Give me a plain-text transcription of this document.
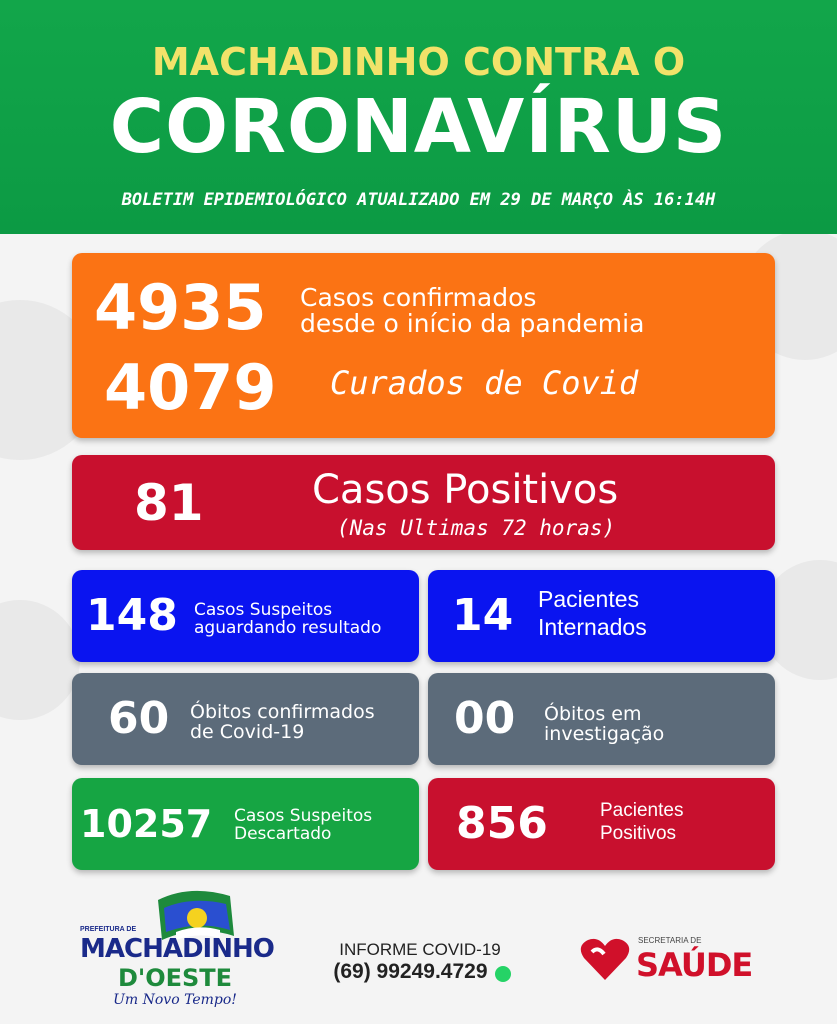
MACHADINHO CONTRA O
CORONAVÍRUS
BOLETIM EPIDEMIOLÓGICO ATUALIZADO EM 29 DE MARÇO ÀS 16:14H
4935 Casos confirmados
desde o início da pandemia
4079 Curados de Covid
81	Casos Positivos
(Nas Ultimas 72 horas)
148 Casos Suspeitos
aguardando resultado 14 Pacientes
Internados
60 Óbitos confirmados
de Covid-19	00 Óbitos em
investigação
10257 Casos Suspeitos
Descartado	856	Pacientes
Positivos
PREFEITURA DE
MACHADINHO
D'OESTE
Um Novo Tempo!
INFORME COVID-19
(69) 99249.4729
SECRETARIA DE
SAÚDE
